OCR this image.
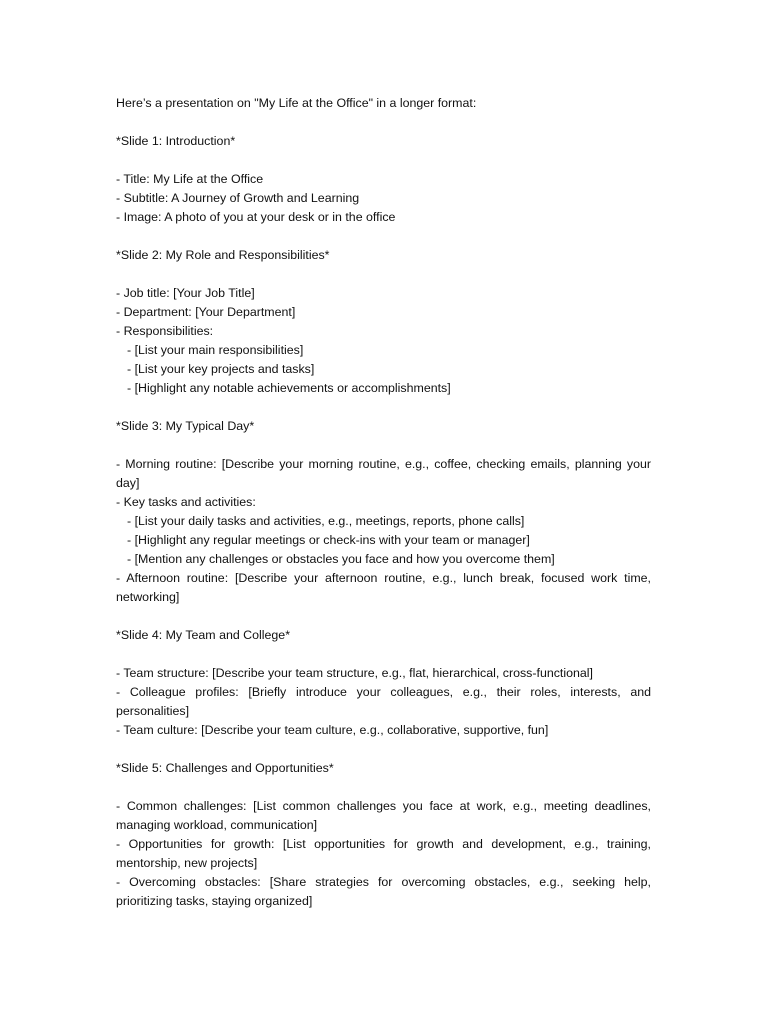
Here’s a presentation on "My Life at the Office" in a longer format:

*Slide 1: Introduction*

- Title: My Life at the Office

- Subtitle: A Journey of Growth and Learning

- Image: A photo of you at your desk or in the office

*Slide 2: My Role and Responsibilities*

- Job title: [Your Job Title]

- Department: [Your Department]

- Responsibilities:

- [List your main responsibilities]

- [List your key projects and tasks]

- [Highlight any notable achievements or accomplishments]

*Slide 3: My Typical Day*

- Morning routine: [Describe your morning routine, e.g., coffee, checking emails, planning your day]

- Key tasks and activities:

- [List your daily tasks and activities, e.g., meetings, reports, phone calls]

- [Highlight any regular meetings or check-ins with your team or manager]

- [Mention any challenges or obstacles you face and how you overcome them]

- Afternoon routine: [Describe your afternoon routine, e.g., lunch break, focused work time, networking]

*Slide 4: My Team and College*

- Team structure: [Describe your team structure, e.g., flat, hierarchical, cross-functional]

- Colleague profiles: [Briefly introduce your colleagues, e.g., their roles, interests, and personalities]

- Team culture: [Describe your team culture, e.g., collaborative, supportive, fun]

*Slide 5: Challenges and Opportunities*

- Common challenges: [List common challenges you face at work, e.g., meeting deadlines, managing workload, communication]

- Opportunities for growth: [List opportunities for growth and development, e.g., training, mentorship, new projects]

- Overcoming obstacles: [Share strategies for overcoming obstacles, e.g., seeking help, prioritizing tasks, staying organized]
